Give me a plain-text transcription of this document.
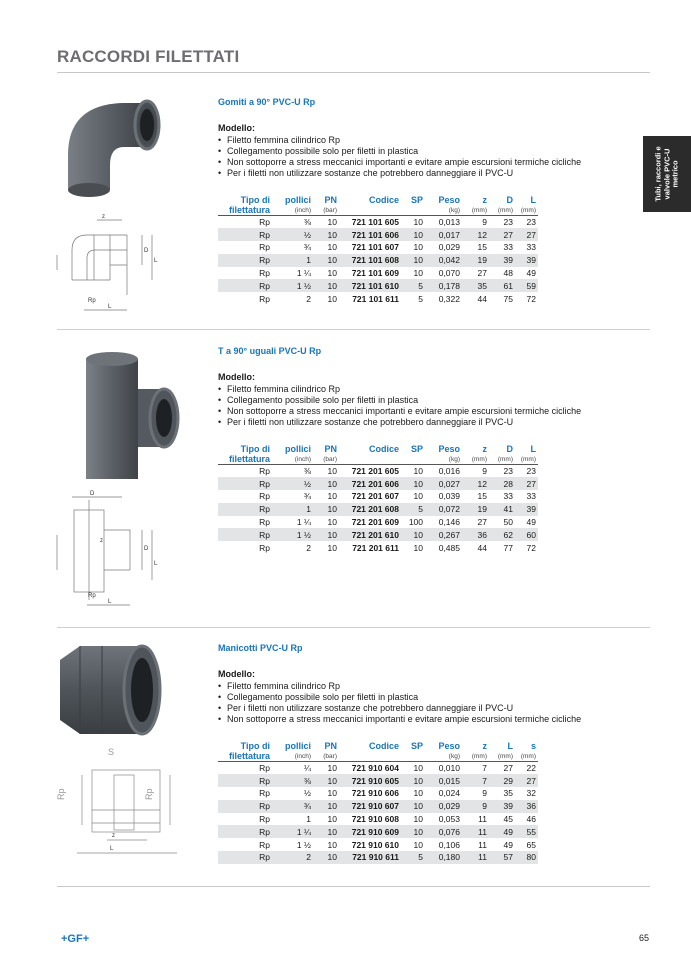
RACCORDI FILETTATI
Tubi, raccordi e valvole PVC-U metrico
z
D
L
Rp
L
Gomiti a 90° PVC-U Rp
Modello:
• Filetto femmina cilindrico Rp
• Collegamento possibile solo per filetti in plastica
• Non sottoporre a stress meccanici importanti e evitare ampie escursioni termiche cicliche
• Per i filetti non utilizzare sostanze che potrebbero danneggiare il PVC-U
Tipo di	pollici	PN	Codice	SP	Peso	z	D	L
filettatura	(inch)	(bar)			(kg)	(mm)	(mm)	(mm)
Rp	⅜	10	721 101 605	10	0,013	9	23	23
Rp	½	10	721 101 606	10	0,017	12	27	27
Rp	¾	10	721 101 607	10	0,029	15	33	33
Rp	1	10	721 101 608	10	0,042	19	39	39
Rp	1 ¼	10	721 101 609	10	0,070	27	48	49
Rp	1 ½	10	721 101 610	5	0,178	35	61	59
Rp	2	10	721 101 611	5	0,322	44	75	72
D
z
D
L
Rp
L
T a 90° uguali PVC-U Rp
Modello:
• Filetto femmina cilindrico Rp
• Collegamento possibile solo per filetti in plastica
• Non sottoporre a stress meccanici importanti e evitare ampie escursioni termiche cicliche
• Per i filetti non utilizzare sostanze che potrebbero danneggiare il PVC-U
Tipo di	pollici	PN	Codice	SP	Peso	z	D	L
filettatura	(inch)	(bar)			(kg)	(mm)	(mm)	(mm)
Rp	⅜	10	721 201 605	10	0,016	9	23	23
Rp	½	10	721 201 606	10	0,027	12	28	27
Rp	¾	10	721 201 607	10	0,039	15	33	33
Rp	1	10	721 201 608	5	0,072	19	41	39
Rp	1 ¼	10	721 201 609	100	0,146	27	50	49
Rp	1 ½	10	721 201 610	10	0,267	36	62	60
Rp	2	10	721 201 611	10	0,485	44	77	72
S
Rp	Rp
z
L
Manicotti PVC-U Rp
Modello:
• Filetto femmina cilindrico Rp
• Collegamento possibile solo per filetti in plastica
• Per i filetti non utilizzare sostanze che potrebbero danneggiare il PVC-U
• Non sottoporre a stress meccanici importanti e evitare ampie escursioni termiche cicliche
Tipo di	pollici	PN	Codice	SP	Peso	z	L	s
filettatura	(inch)	(bar)			(kg)	(mm)	(mm)	(mm)
Rp	¼	10	721 910 604	10	0,010	7	27	22
Rp	⅜	10	721 910 605	10	0,015	7	29	27
Rp	½	10	721 910 606	10	0,024	9	35	32
Rp	¾	10	721 910 607	10	0,029	9	39	36
Rp	1	10	721 910 608	10	0,053	11	45	46
Rp	1 ¼	10	721 910 609	10	0,076	11	49	55
Rp	1 ½	10	721 910 610	10	0,106	11	49	65
Rp	2	10	721 910 611	5	0,180	11	57	80
+GF+	65
